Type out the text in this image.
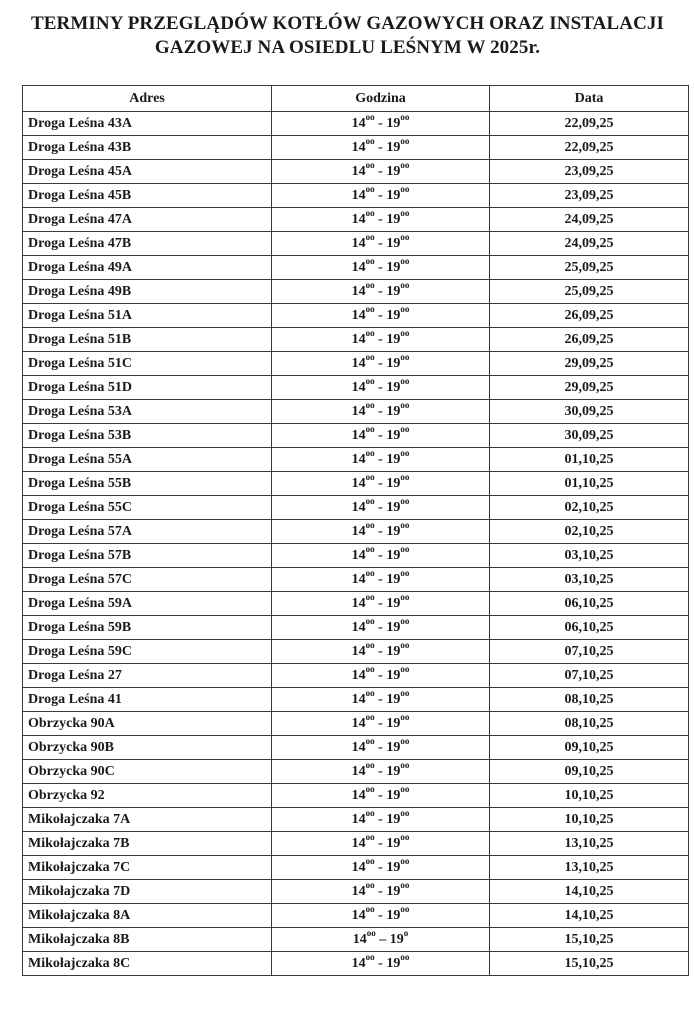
TERMINY PRZEGLĄDÓW KOTŁÓW GAZOWYCH ORAZ INSTALACJI
GAZOWEJ NA OSIEDLU LEŚNYM W 2025r.
Adres	Godzina	Data
Droga Leśna 43A	$14^{oo} - 19^{oo}$	22,09,25
Droga Leśna 43B	$14^{oo} - 19^{oo}$	22,09,25
Droga Leśna 45A	$14^{oo} - 19^{oo}$	23,09,25
Droga Leśna 45B	$14^{oo} - 19^{oo}$	23,09,25
Droga Leśna 47A	$14^{oo} - 19^{oo}$	24,09,25
Droga Leśna 47B	$14^{oo} - 19^{oo}$	24,09,25
Droga Leśna 49A	$14^{oo} - 19^{oo}$	25,09,25
Droga Leśna 49B	$14^{oo} - 19^{oo}$	25,09,25
Droga Leśna 51A	$14^{oo} - 19^{oo}$	26,09,25
Droga Leśna 51B	$14^{oo} - 19^{oo}$	26,09,25
Droga Leśna 51C	$14^{oo} - 19^{oo}$	29,09,25
Droga Leśna 51D	$14^{oo} - 19^{oo}$	29,09,25
Droga Leśna 53A	$14^{oo} - 19^{oo}$	30,09,25
Droga Leśna 53B	$14^{oo} - 19^{oo}$	30,09,25
Droga Leśna 55A	$14^{oo} - 19^{oo}$	01,10,25
Droga Leśna 55B	$14^{oo} - 19^{oo}$	01,10,25
Droga Leśna 55C	$14^{oo} - 19^{oo}$	02,10,25
Droga Leśna 57A	$14^{oo} - 19^{oo}$	02,10,25
Droga Leśna 57B	$14^{oo} - 19^{oo}$	03,10,25
Droga Leśna 57C	$14^{oo} - 19^{oo}$	03,10,25
Droga Leśna 59A	$14^{oo} - 19^{oo}$	06,10,25
Droga Leśna 59B	$14^{oo} - 19^{oo}$	06,10,25
Droga Leśna 59C	$14^{oo} - 19^{oo}$	07,10,25
Droga Leśna 27	$14^{oo} - 19^{oo}$	07,10,25
Droga Leśna 41	$14^{oo} - 19^{oo}$	08,10,25
Obrzycka 90A	$14^{oo} - 19^{oo}$	08,10,25
Obrzycka 90B	$14^{oo} - 19^{oo}$	09,10,25
Obrzycka 90C	$14^{oo} - 19^{oo}$	09,10,25
Obrzycka 92	$14^{oo} - 19^{oo}$	10,10,25
Mikołajczaka 7A	$14^{oo} - 19^{oo}$	10,10,25
Mikołajczaka 7B	$14^{oo} - 19^{oo}$	13,10,25
Mikołajczaka 7C	$14^{oo} - 19^{oo}$	13,10,25
Mikołajczaka 7D	$14^{oo} - 19^{oo}$	14,10,25
Mikołajczaka 8A	$14^{oo} - 19^{oo}$	14,10,25
Mikołajczaka 8B	$14^{oo} - 19^o$	15,10,25
Mikołajczaka 8C	$14^{oo} - 19^{oo}$	15,10,25
